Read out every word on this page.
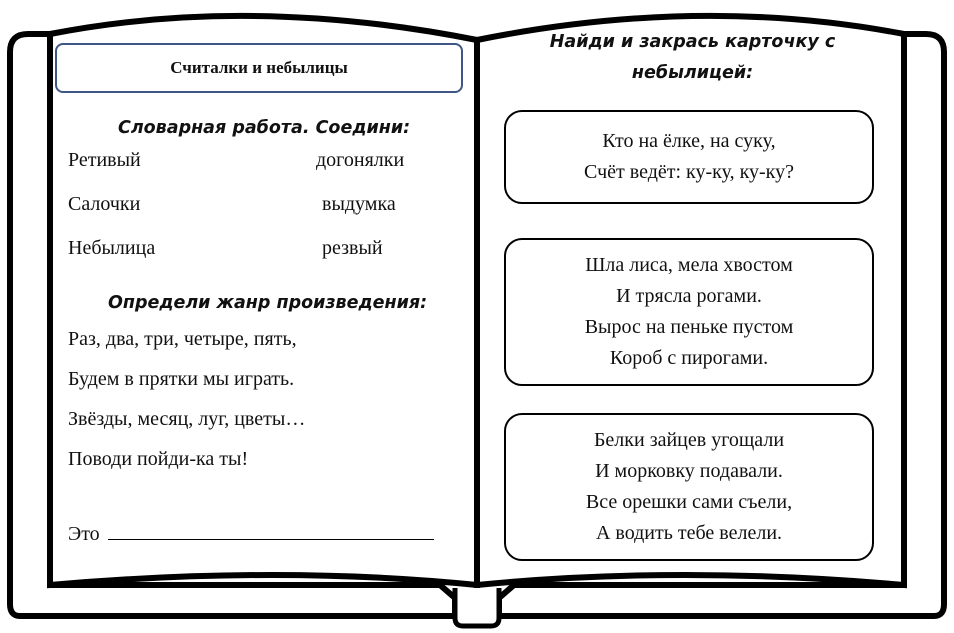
Считалки и небылицы
Словарная работа. Соедини:
Ретивый
Салочки
Небылица
догонялки
выдумка
резвый
Определи жанр произведения:
Раз, два, три, четыре, пять,
Будем в прятки мы играть.
Звёзды, месяц, луг, цветы…
Поводи пойди-ка ты!
Это
Найди и закрась карточку с
небылицей:
Кто на ёлке, на суку,
Счёт ведёт: ку-ку, ку-ку?
Шла лиса, мела хвостом
И трясла рогами.
Вырос на пеньке пустом
Короб с пирогами.
Белки зайцев угощали
И морковку подавали.
Все орешки сами съели,
А водить тебе велели.
